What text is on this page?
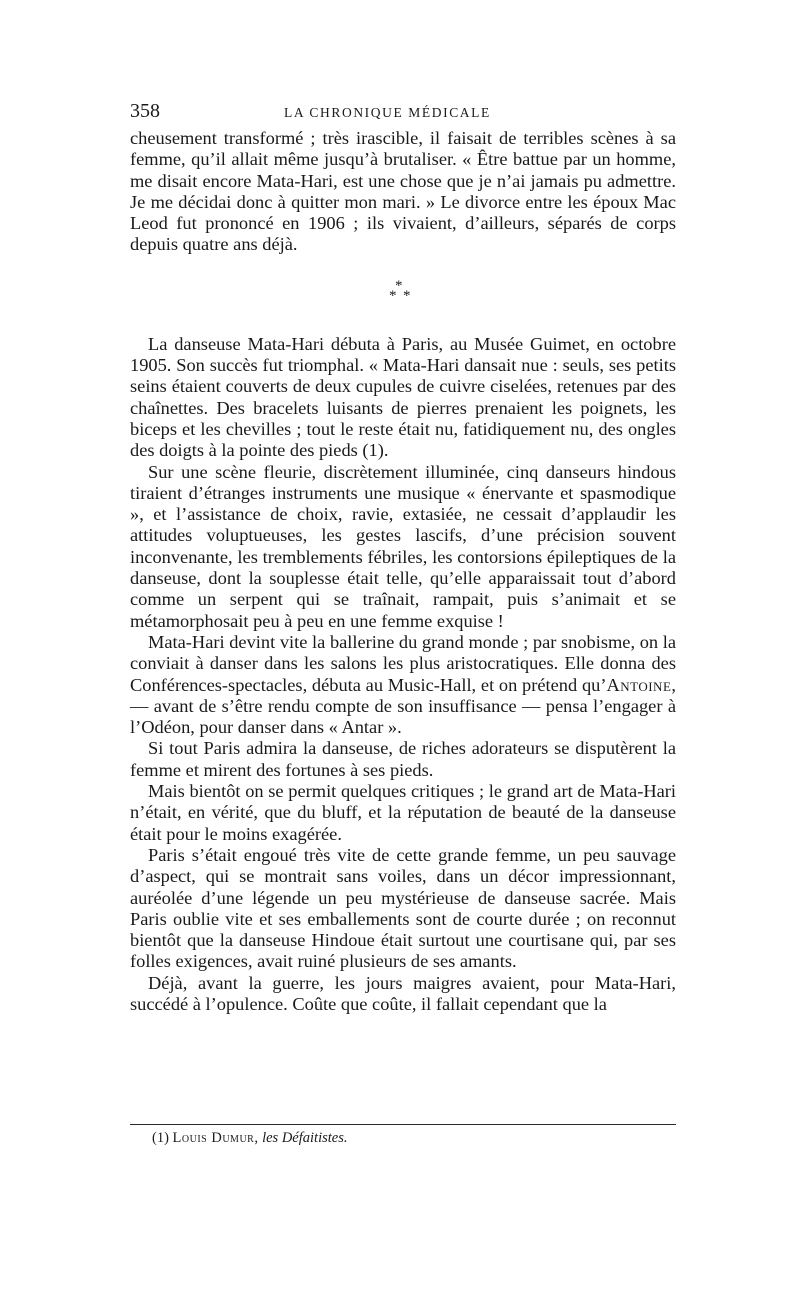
358	LA CHRONIQUE MÉDICALE

cheusement transformé ; très irascible, il faisait de terribles scènes à sa femme, qu’il allait même jusqu’à brutaliser. « Être battue par un homme, me disait encore Mata-Hari, est une chose que je n’ai jamais pu admettre. Je me décidai donc à quitter mon mari. » Le divorce entre les époux Mac Leod fut prononcé en 1906 ; ils vivaient, d’ailleurs, séparés de corps depuis quatre ans déjà.

*
* *

La danseuse Mata-Hari débuta à Paris, au Musée Guimet, en octobre 1905. Son succès fut triomphal. « Mata-Hari dansait nue : seuls, ses petits seins étaient couverts de deux cupules de cuivre ciselées, retenues par des chaînettes. Des bracelets luisants de pierres prenaient les poignets, les biceps et les chevilles ; tout le reste était nu, fatidiquement nu, des ongles des doigts à la pointe des pieds (1).

Sur une scène fleurie, discrètement illuminée, cinq danseurs hindous tiraient d’étranges instruments une musique « énervante et spasmodique », et l’assistance de choix, ravie, extasiée, ne cessait d’applaudir les attitudes voluptueuses, les gestes lascifs, d’une précision souvent inconvenante, les tremblements fébriles, les contorsions épileptiques de la danseuse, dont la souplesse était telle, qu’elle apparaissait tout d’abord comme un serpent qui se traînait, rampait, puis s’animait et se métamorphosait peu à peu en une femme exquise !

Mata-Hari devint vite la ballerine du grand monde ; par snobisme, on la conviait à danser dans les salons les plus aristocratiques. Elle donna des Conférences-spectacles, débuta au Music-Hall, et on prétend qu’Antoine, — avant de s’être rendu compte de son insuffisance — pensa l’engager à l’Odéon, pour danser dans « Antar ».

Si tout Paris admira la danseuse, de riches adorateurs se disputèrent la femme et mirent des fortunes à ses pieds.

Mais bientôt on se permit quelques critiques ; le grand art de Mata-Hari n’était, en vérité, que du bluff, et la réputation de beauté de la danseuse était pour le moins exagérée.

Paris s’était engoué très vite de cette grande femme, un peu sauvage d’aspect, qui se montrait sans voiles, dans un décor impressionnant, auréolée d’une légende un peu mystérieuse de danseuse sacrée. Mais Paris oublie vite et ses emballements sont de courte durée ; on reconnut bientôt que la danseuse Hindoue était surtout une courtisane qui, par ses folles exigences, avait ruiné plusieurs de ses amants.

Déjà, avant la guerre, les jours maigres avaient, pour Mata-Hari, succédé à l’opulence. Coûte que coûte, il fallait cependant que la

(1) Louis Dumur, les Défaitistes.
